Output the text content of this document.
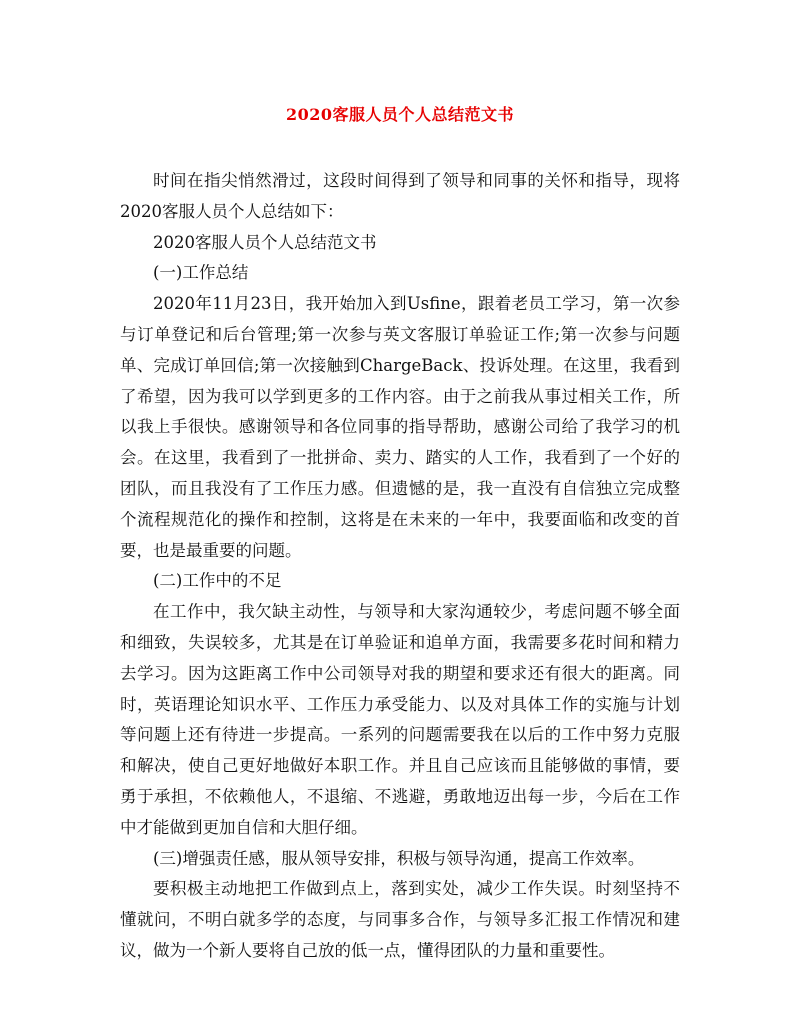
2020客服人员个人总结范文书

时间在指尖悄然滑过，这段时间得到了领导和同事的关怀和指导，现将2020客服人员个人总结如下：

2020客服人员个人总结范文书

(一)工作总结

2020年11月23日，我开始加入到Usfine，跟着老员工学习，第一次参与订单登记和后台管理;第一次参与英文客服订单验证工作;第一次参与问题单、完成订单回信;第一次接触到ChargeBack、投诉处理。在这里，我看到了希望，因为我可以学到更多的工作内容。由于之前我从事过相关工作，所以我上手很快。感谢领导和各位同事的指导帮助，感谢公司给了我学习的机会。在这里，我看到了一批拼命、卖力、踏实的人工作，我看到了一个好的团队，而且我没有了工作压力感。但遗憾的是，我一直没有自信独立完成整个流程规范化的操作和控制，这将是在未来的一年中，我要面临和改变的首要，也是最重要的问题。

(二)工作中的不足

在工作中，我欠缺主动性，与领导和大家沟通较少，考虑问题不够全面和细致，失误较多，尤其是在订单验证和追单方面，我需要多花时间和精力去学习。因为这距离工作中公司领导对我的期望和要求还有很大的距离。同时，英语理论知识水平、工作压力承受能力、以及对具体工作的实施与计划等问题上还有待进一步提高。一系列的问题需要我在以后的工作中努力克服和解决，使自己更好地做好本职工作。并且自己应该而且能够做的事情，要勇于承担，不依赖他人，不退缩、不逃避，勇敢地迈出每一步，今后在工作中才能做到更加自信和大胆仔细。

(三)增强责任感，服从领导安排，积极与领导沟通，提高工作效率。

要积极主动地把工作做到点上，落到实处，减少工作失误。时刻坚持不懂就问，不明白就多学的态度，与同事多合作，与领导多汇报工作情况和建议，做为一个新人要将自己放的低一点，懂得团队的力量和重要性。
